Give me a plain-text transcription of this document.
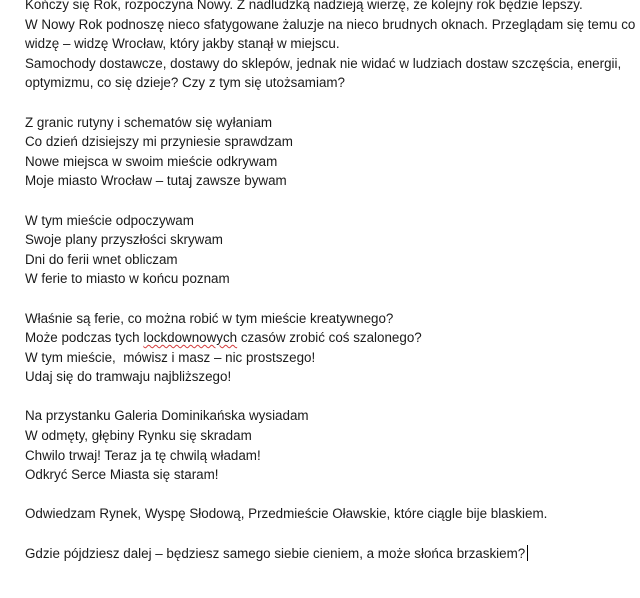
Kończy się Rok, rozpoczyna Nowy. Z nadludzką nadzieją wierzę, że kolejny rok będzie lepszy.
W Nowy Rok podnoszę nieco sfatygowane żaluzje na nieco brudnych oknach. Przeglądam się temu co
widzę – widzę Wrocław, który jakby stanął w miejscu.
Samochody dostawcze, dostawy do sklepów, jednak nie widać w ludziach dostaw szczęścia, energii,
optymizmu, co się dzieje? Czy z tym się utożsamiam?

Z granic rutyny i schematów się wyłaniam
Co dzień dzisiejszy mi przyniesie sprawdzam
Nowe miejsca w swoim mieście odkrywam
Moje miasto Wrocław – tutaj zawsze bywam

W tym mieście odpoczywam
Swoje plany przyszłości skrywam
Dni do ferii wnet obliczam
W ferie to miasto w końcu poznam

Właśnie są ferie, co można robić w tym mieście kreatywnego?
Może podczas tych lockdownowych czasów zrobić coś szalonego?
W tym mieście,  mówisz i masz – nic prostszego!
Udaj się do tramwaju najbliższego!

Na przystanku Galeria Dominikańska wysiadam
W odmęty, głębiny Rynku się skradam
Chwilo trwaj! Teraz ja tę chwilą władam!
Odkryć Serce Miasta się staram!

Odwiedzam Rynek, Wyspę Słodową, Przedmieście Oławskie, które ciągle bije blaskiem.

Gdzie pójdziesz dalej – będziesz samego siebie cieniem, a może słońca brzaskiem?
